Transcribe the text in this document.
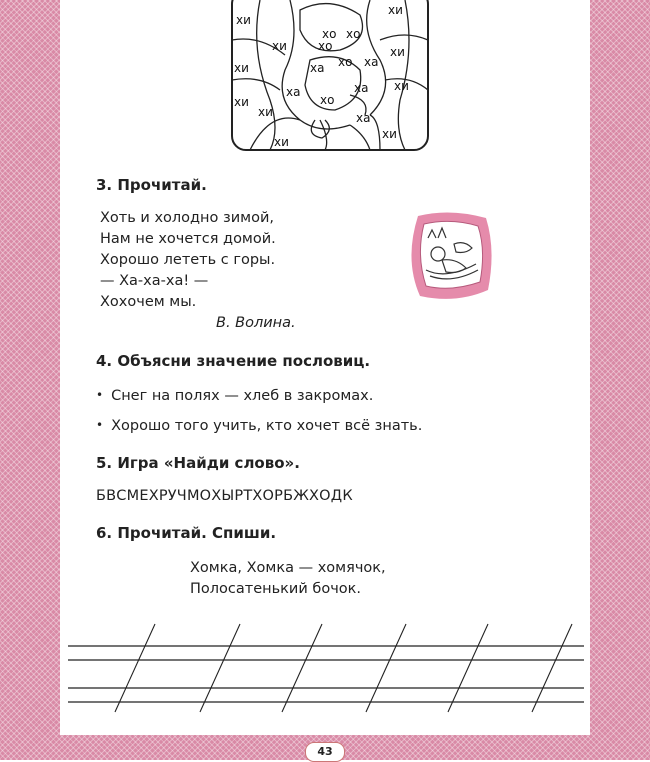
хи
хи
хи
хо
хо
хо
хи
ха хо ха
хи
хи
ха
хо
ха
хи
хи	ха
хи
хи
3. Прочитай.
Хоть и холодно зимой,
Нам не хочется домой.
Хорошо лететь с горы.
— Ха-ха-ха! —
Хохочем мы.
В. Волина.
4. Объясни значение пословиц.
• Снег на полях — хлеб в закромах.
• Хорошо того учить, кто хочет всё знать.
5. Игра «Найди слово».
БВСМЕХРУЧМОХЫРТХОРБЖХОДК
6. Прочитай. Спиши.
Хомка, Хомка — хомячок,
Полосатенький бочок.
43
